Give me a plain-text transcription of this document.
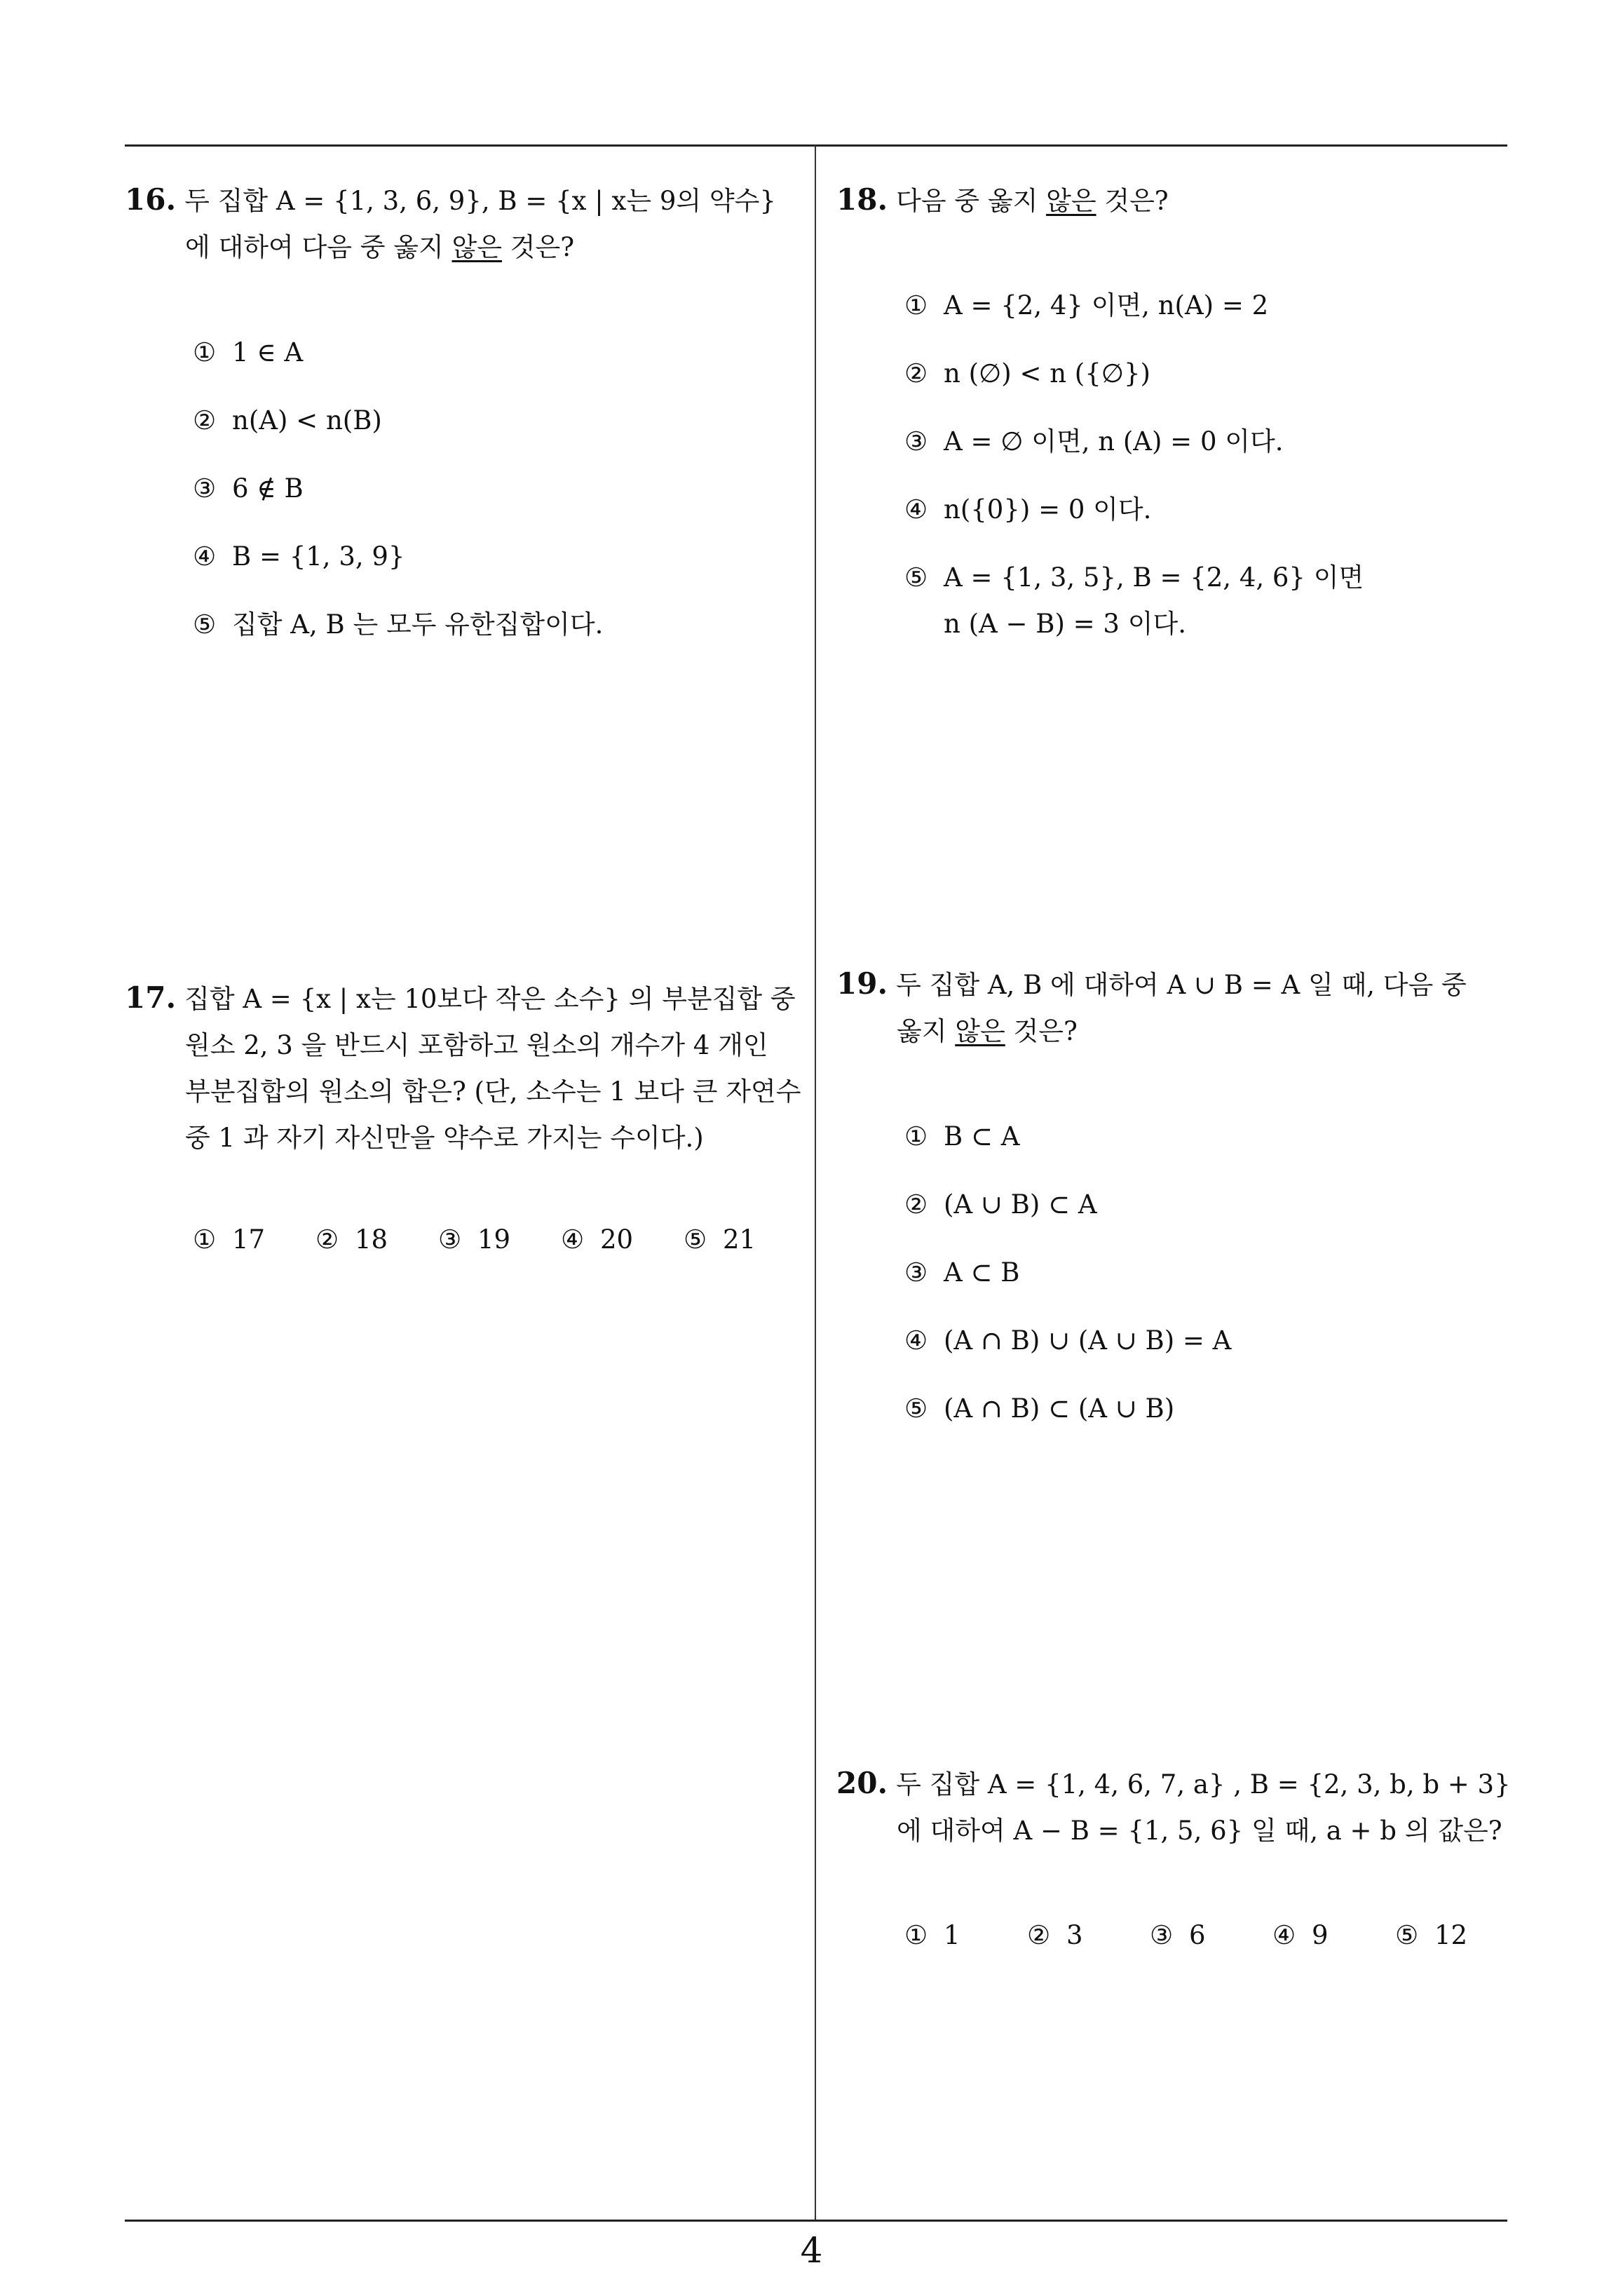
16. 두 집합 A = {1, 3, 6, 9}, B = {x | x는 9의 약수}
에 대하여 다음 중 옳지 않은 것은?
① 1 ∈ A
② n(A) < n(B)
③ 6 ∉ B
④ B = {1, 3, 9}
⑤ 집합 A, B 는 모두 유한집합이다.
17. 집합 A = {x | x는 10보다 작은 소수} 의 부분집합 중
원소 2, 3 을 반드시 포함하고 원소의 개수가 4 개인
부분집합의 원소의 합은? (단, 소수는 1 보다 큰 자연수
중 1 과 자기 자신만을 약수로 가지는 수이다.)
① 17 ② 18 ③ 19 ④ 20 ⑤ 21
18. 다음 중 옳지 않은 것은?
① A = {2, 4} 이면, n(A) = 2
② n (∅) < n ({∅})
③ A = ∅ 이면, n (A) = 0 이다.
④ n({0}) = 0 이다.
⑤ A = {1, 3, 5}, B = {2, 4, 6} 이면
n (A − B) = 3 이다.
19. 두 집합 A, B 에 대하여 A ∪ B = A 일 때, 다음 중
옳지 않은 것은?
① B ⊂ A
② (A ∪ B) ⊂ A
③ A ⊂ B
④ (A ∩ B) ∪ (A ∪ B) = A
⑤ (A ∩ B) ⊂ (A ∪ B)
20. 두 집합 A = {1, 4, 6, 7, a} , B = {2, 3, b, b + 3}
에 대하여 A − B = {1, 5, 6} 일 때, a + b 의 값은?
① 1	② 3	③ 6	④ 9	⑤ 12
4
